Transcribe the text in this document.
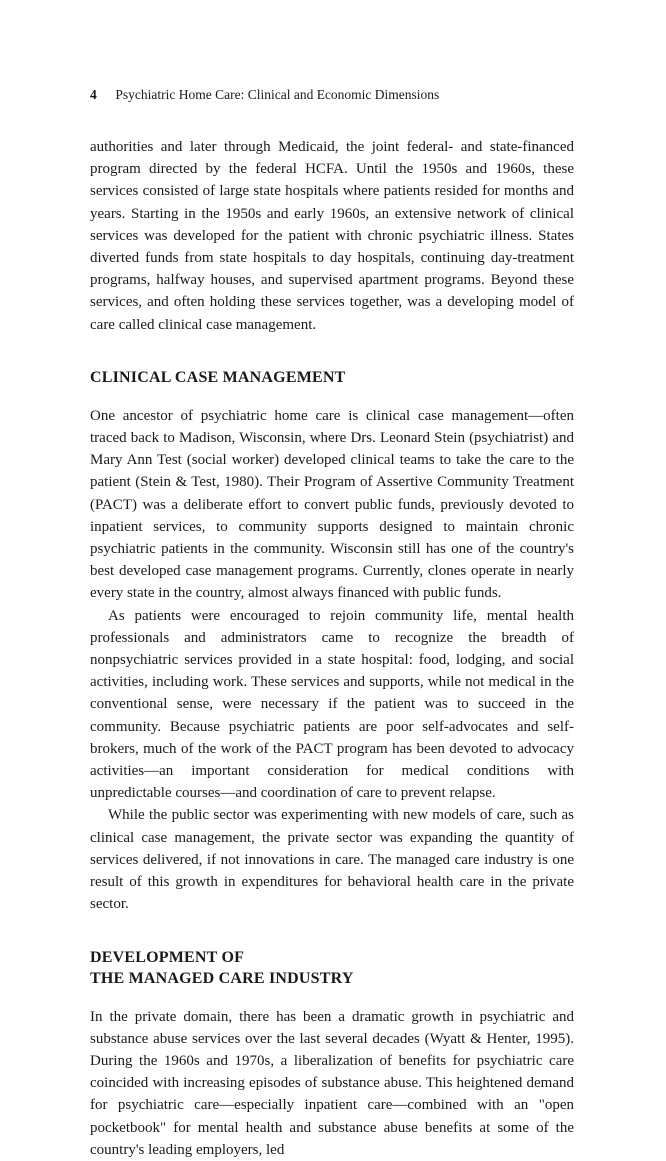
4 Psychiatric Home Care: Clinical and Economic Dimensions

authorities and later through Medicaid, the joint federal- and state-financed program directed by the federal HCFA. Until the 1950s and 1960s, these services consisted of large state hospitals where patients resided for months and years. Starting in the 1950s and early 1960s, an extensive network of clinical services was developed for the patient with chronic psychiatric illness. States diverted funds from state hospitals to day hospitals, continuing day-treatment programs, halfway houses, and supervised apartment programs. Beyond these services, and often holding these services together, was a developing model of care called clinical case management.

CLINICAL CASE MANAGEMENT

One ancestor of psychiatric home care is clinical case management—often traced back to Madison, Wisconsin, where Drs. Leonard Stein (psychiatrist) and Mary Ann Test (social worker) developed clinical teams to take the care to the patient (Stein & Test, 1980). Their Program of Assertive Community Treatment (PACT) was a deliberate effort to convert public funds, previously devoted to inpatient services, to community supports designed to maintain chronic psychiatric patients in the community. Wisconsin still has one of the country's best developed case management programs. Currently, clones operate in nearly every state in the country, almost always financed with public funds.

As patients were encouraged to rejoin community life, mental health professionals and administrators came to recognize the breadth of nonpsychiatric services provided in a state hospital: food, lodging, and social activities, including work. These services and supports, while not medical in the conventional sense, were necessary if the patient was to succeed in the community. Because psychiatric patients are poor self-advocates and self-brokers, much of the work of the PACT program has been devoted to advocacy activities—an important consideration for medical conditions with unpredictable courses—and coordination of care to prevent relapse.

While the public sector was experimenting with new models of care, such as clinical case management, the private sector was expanding the quantity of services delivered, if not innovations in care. The managed care industry is one result of this growth in expenditures for behavioral health care in the private sector.

DEVELOPMENT OF
THE MANAGED CARE INDUSTRY

In the private domain, there has been a dramatic growth in psychiatric and substance abuse services over the last several decades (Wyatt & Henter, 1995). During the 1960s and 1970s, a liberalization of benefits for psychiatric care coincided with increasing episodes of substance abuse. This heightened demand for psychiatric care—especially inpatient care—combined with an "open pocketbook" for mental health and substance abuse benefits at some of the country's leading employers, led
